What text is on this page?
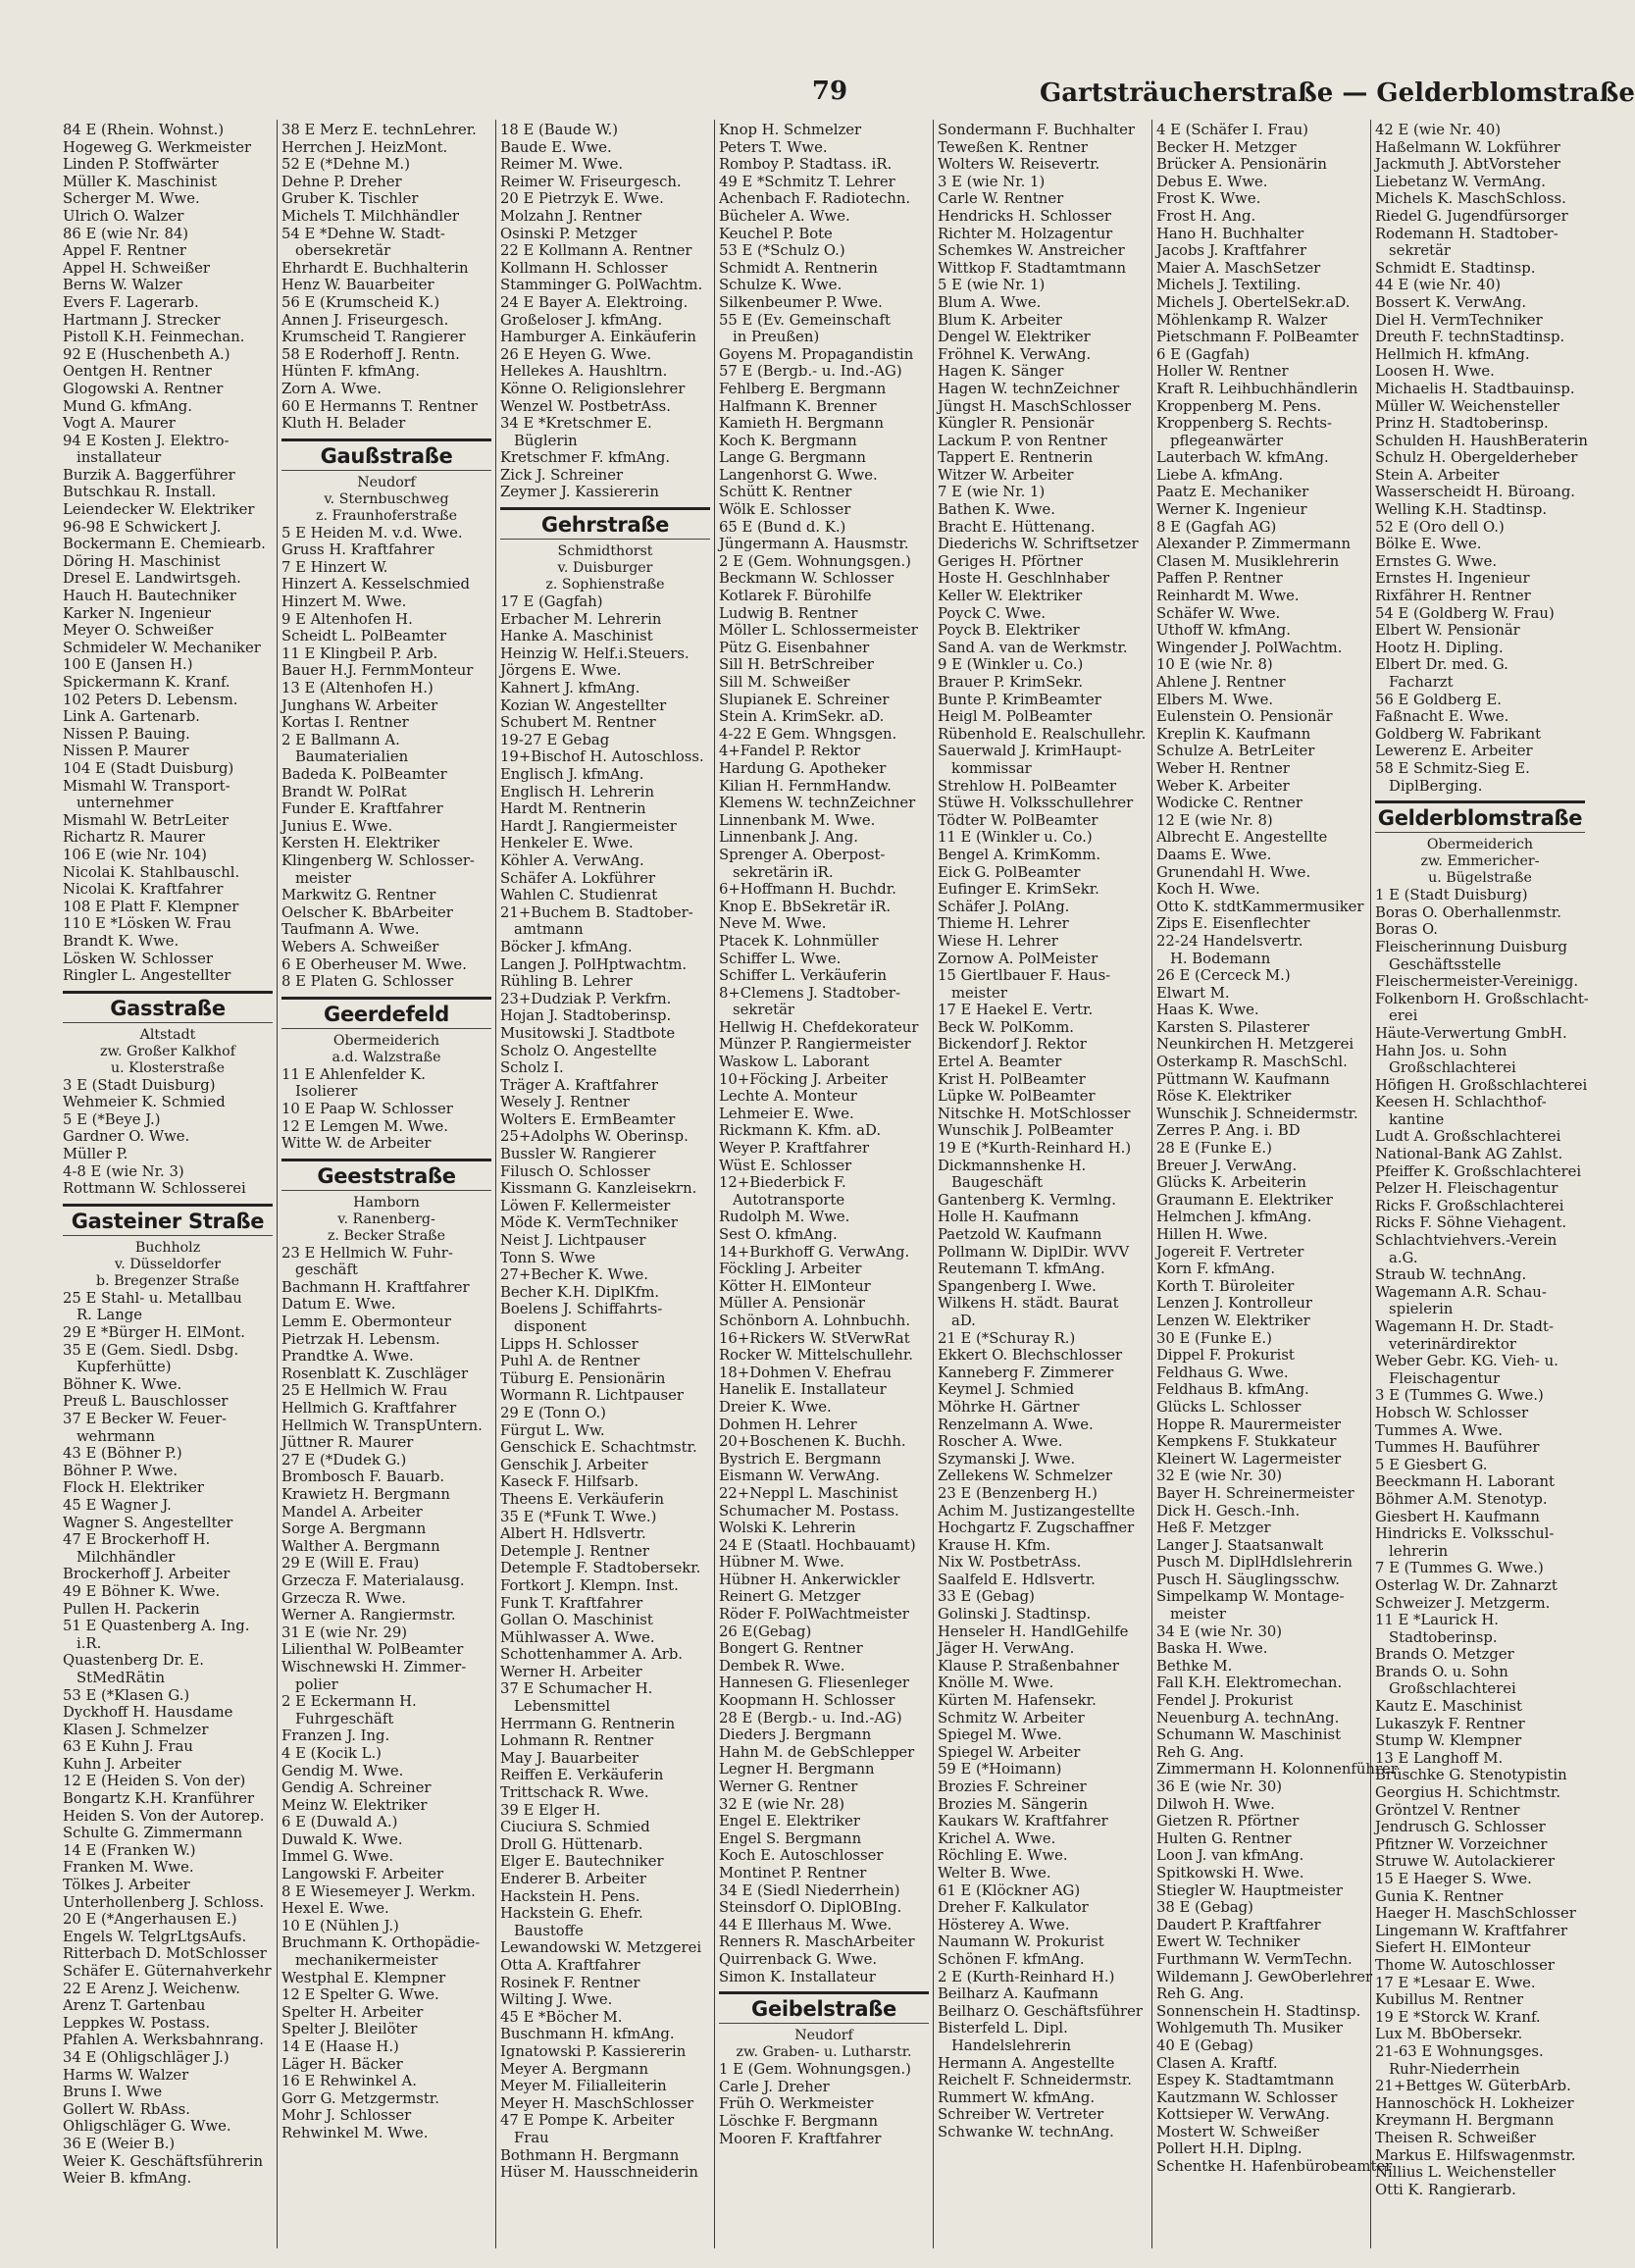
79	Gartsträucherstraße — Gelderblomstraße
84 E (Rhein. Wohnst.)
Hogeweg G. Werkmeister
Linden P. Stoffwärter
Müller K. Maschinist
Scherger M. Wwe.
Ulrich O. Walzer
86 E (wie Nr. 84)
Appel F. Rentner
Appel H. Schweißer
Berns W. Walzer
Evers F. Lagerarb.
Hartmann J. Strecker
Pistoll K.H. Feinmechan.
92 E (Huschenbeth A.)
Oentgen H. Rentner
Glogowski A. Rentner
Mund G. kfmAng.
Vogt A. Maurer
94 E Kosten J. Elektro-
installateur
Burzik A. Baggerführer
Butschkau R. Install.
Leiendecker W. Elektriker
96-98 E Schwickert J.
Bockermann E. Chemiearb.
Döring H. Maschinist
Dresel E. Landwirtsgeh.
Hauch H. Bautechniker
Karker N. Ingenieur
Meyer O. Schweißer
Schmideler W. Mechaniker
100 E (Jansen H.)
Spickermann K. Kranf.
102 Peters D. Lebensm.
Link A. Gartenarb.
Nissen P. Bauing.
Nissen P. Maurer
104 E (Stadt Duisburg)
Mismahl W. Transport-
unternehmer
Mismahl W. BetrLeiter
Richartz R. Maurer
106 E (wie Nr. 104)
Nicolai K. Stahlbauschl.
Nicolai K. Kraftfahrer
108 E Platt F. Klempner
110 E *Lösken W. Frau
Brandt K. Wwe.
Lösken W. Schlosser
Ringler L. Angestellter
Gasstraße
Altstadt
zw. Großer Kalkhof
u. Klosterstraße
3 E (Stadt Duisburg)
Wehmeier K. Schmied
5 E (*Beye J.)
Gardner O. Wwe.
Müller P.
4-8 E (wie Nr. 3)
Rottmann W. Schlosserei
Gasteiner Straße
Buchholz
v. Düsseldorfer
b. Bregenzer Straße
25 E Stahl- u. Metallbau
R. Lange
29 E *Bürger H. ElMont.
35 E (Gem. Siedl. Dsbg.
Kupferhütte)
Böhner K. Wwe.
Preuß L. Bauschlosser
37 E Becker W. Feuer-
wehrmann
43 E (Böhner P.)
Böhner P. Wwe.
Flock H. Elektriker
45 E Wagner J.
Wagner S. Angestellter
47 E Brockerhoff H.
Milchhändler
Brockerhoff J. Arbeiter
49 E Böhner K. Wwe.
Pullen H. Packerin
51 E Quastenberg A. Ing.
i.R.
Quastenberg Dr. E.
StMedRätin
53 E (*Klasen G.)
Dyckhoff H. Hausdame
Klasen J. Schmelzer
63 E Kuhn J. Frau
Kuhn J. Arbeiter
12 E (Heiden S. Von der)
Bongartz K.H. Kranführer
Heiden S. Von der Autorep.
Schulte G. Zimmermann
14 E (Franken W.)
Franken M. Wwe.
Tölkes J. Arbeiter
Unterhollenberg J. Schloss.
20 E (*Angerhausen E.)
Engels W. TelgrLtgsAufs.
Ritterbach D. MotSchlosser
Schäfer E. Güternahverkehr
22 E Arenz J. Weichenw.
Arenz T. Gartenbau
Leppkes W. Postass.
Pfahlen A. Werksbahnrang.
34 E (Ohligschläger J.)
Harms W. Walzer
Bruns I. Wwe
Gollert W. RbAss.
Ohligschläger G. Wwe.
36 E (Weier B.)
Weier K. Geschäftsführerin
Weier B. kfmAng.
38 E Merz E. technLehrer.
Herrchen J. HeizMont.
52 E (*Dehne M.)
Dehne P. Dreher
Gruber K. Tischler
Michels T. Milchhändler
54 E *Dehne W. Stadt-
obersekretär
Ehrhardt E. Buchhalterin
Henz W. Bauarbeiter
56 E (Krumscheid K.)
Annen J. Friseurgesch.
Krumscheid T. Rangierer
58 E Roderhoff J. Rentn.
Hünten F. kfmAng.
Zorn A. Wwe.
60 E Hermanns T. Rentner
Kluth H. Belader
Gaußstraße
Neudorf
v. Sternbuschweg
z. Fraunhoferstraße
5 E Heiden M. v.d. Wwe.
Gruss H. Kraftfahrer
7 E Hinzert W.
Hinzert A. Kesselschmied
Hinzert M. Wwe.
9 E Altenhofen H.
Scheidt L. PolBeamter
11 E Klingbeil P. Arb.
Bauer H.J. FernmMonteur
13 E (Altenhofen H.)
Junghans W. Arbeiter
Kortas I. Rentner
2 E Ballmann A.
Baumaterialien
Badeda K. PolBeamter
Brandt W. PolRat
Funder E. Kraftfahrer
Junius E. Wwe.
Kersten H. Elektriker
Klingenberg W. Schlosser-
meister
Markwitz G. Rentner
Oelscher K. BbArbeiter
Taufmann A. Wwe.
Webers A. Schweißer
6 E Oberheuser M. Wwe.
8 E Platen G. Schlosser
Geerdefeld
Obermeiderich
a.d. Walzstraße
11 E Ahlenfelder K.
Isolierer
10 E Paap W. Schlosser
12 E Lemgen M. Wwe.
Witte W. de Arbeiter
Geeststraße
Hamborn
v. Ranenberg-
z. Becker Straße
23 E Hellmich W. Fuhr-
geschäft
Bachmann H. Kraftfahrer
Datum E. Wwe.
Lemm E. Obermonteur
Pietrzak H. Lebensm.
Prandtke A. Wwe.
Rosenblatt K. Zuschläger
25 E Hellmich W. Frau
Hellmich G. Kraftfahrer
Hellmich W. TranspUntern.
Jüttner R. Maurer
27 E (*Dudek G.)
Brombosch F. Bauarb.
Krawietz H. Bergmann
Mandel A. Arbeiter
Sorge A. Bergmann
Walther A. Bergmann
29 E (Will E. Frau)
Grzecza F. Materialausg.
Grzecza R. Wwe.
Werner A. Rangiermstr.
31 E (wie Nr. 29)
Lilienthal W. PolBeamter
Wischnewski H. Zimmer-
polier
2 E Eckermann H.
Fuhrgeschäft
Franzen J. Ing.
4 E (Kocik L.)
Gendig M. Wwe.
Gendig A. Schreiner
Meinz W. Elektriker
6 E (Duwald A.)
Duwald K. Wwe.
Immel G. Wwe.
Langowski F. Arbeiter
8 E Wiesemeyer J. Werkm.
Hexel E. Wwe.
10 E (Nühlen J.)
Bruchmann K. Orthopädie-
mechanikermeister
Westphal E. Klempner
12 E Spelter G. Wwe.
Spelter H. Arbeiter
Spelter J. Bleilöter
14 E (Haase H.)
Läger H. Bäcker
16 E Rehwinkel A.
Gorr G. Metzgermstr.
Mohr J. Schlosser
Rehwinkel M. Wwe.
18 E (Baude W.)
Baude E. Wwe.
Reimer M. Wwe.
Reimer W. Friseurgesch.
20 E Pietrzyk E. Wwe.
Molzahn J. Rentner
Osinski P. Metzger
22 E Kollmann A. Rentner
Kollmann H. Schlosser
Stamminger G. PolWachtm.
24 E Bayer A. Elektroing.
Großeloser J. kfmAng.
Hamburger A. Einkäuferin
26 E Heyen G. Wwe.
Hellekes A. Haushltrn.
Könne O. Religionslehrer
Wenzel W. PostbetrAss.
34 E *Kretschmer E.
Büglerin
Kretschmer F. kfmAng.
Zick J. Schreiner
Zeymer J. Kassiererin
Gehrstraße
Schmidthorst
v. Duisburger
z. Sophienstraße
17 E (Gagfah)
Erbacher M. Lehrerin
Hanke A. Maschinist
Heinzig W. Helf.i.Steuers.
Jörgens E. Wwe.
Kahnert J. kfmAng.
Kozian W. Angestellter
Schubert M. Rentner
19-27 E Gebag
19+Bischof H. Autoschloss.
Englisch J. kfmAng.
Englisch H. Lehrerin
Hardt M. Rentnerin
Hardt J. Rangiermeister
Henkeler E. Wwe.
Köhler A. VerwAng.
Schäfer A. Lokführer
Wahlen C. Studienrat
21+Buchem B. Stadtober-
amtmann
Böcker J. kfmAng.
Langen J. PolHptwachtm.
Rühling B. Lehrer
23+Dudziak P. Verkfrn.
Hojan J. Stadtoberinsp.
Musitowski J. Stadtbote
Scholz O. Angestellte
Scholz I.
Träger A. Kraftfahrer
Wesely J. Rentner
Wolters E. ErmBeamter
25+Adolphs W. Oberinsp.
Bussler W. Rangierer
Filusch O. Schlosser
Kissmann G. Kanzleisekrn.
Löwen F. Kellermeister
Möde K. VermTechniker
Neist J. Lichtpauser
Tonn S. Wwe
27+Becher K. Wwe.
Becher K.H. DiplKfm.
Boelens J. Schiffahrts-
disponent
Lipps H. Schlosser
Puhl A. de Rentner
Tüburg E. Pensionärin
Wormann R. Lichtpauser
29 E (Tonn O.)
Fürgut L. Ww.
Genschick E. Schachtmstr.
Genschik J. Arbeiter
Kaseck F. Hilfsarb.
Theens E. Verkäuferin
35 E (*Funk T. Wwe.)
Albert H. Hdlsvertr.
Detemple J. Rentner
Detemple F. Stadtobersekr.
Fortkort J. Klempn. Inst.
Funk T. Kraftfahrer
Gollan O. Maschinist
Mühlwasser A. Wwe.
Schottenhammer A. Arb.
Werner H. Arbeiter
37 E Schumacher H.
Lebensmittel
Herrmann G. Rentnerin
Lohmann R. Rentner
May J. Bauarbeiter
Reiffen E. Verkäuferin
Trittschack R. Wwe.
39 E Elger H.
Ciuciura S. Schmied
Droll G. Hüttenarb.
Elger E. Bautechniker
Enderer B. Arbeiter
Hackstein H. Pens.
Hackstein G. Ehefr.
Baustoffe
Lewandowski W. Metzgerei
Otta A. Kraftfahrer
Rosinek F. Rentner
Wilting J. Wwe.
45 E *Böcher M.
Buschmann H. kfmAng.
Ignatowski P. Kassiererin
Meyer A. Bergmann
Meyer M. Filialleiterin
Meyer H. MaschSchlosser
47 E Pompe K. Arbeiter
Frau
Bothmann H. Bergmann
Hüser M. Hausschneiderin
Knop H. Schmelzer
Peters T. Wwe.
Romboy P. Stadtass. iR.
49 E *Schmitz T. Lehrer
Achenbach F. Radiotechn.
Bücheler A. Wwe.
Keuchel P. Bote
53 E (*Schulz O.)
Schmidt A. Rentnerin
Schulze K. Wwe.
Silkenbeumer P. Wwe.
55 E (Ev. Gemeinschaft
in Preußen)
Goyens M. Propagandistin
57 E (Bergb.- u. Ind.-AG)
Fehlberg E. Bergmann
Halfmann K. Brenner
Kamieth H. Bergmann
Koch K. Bergmann
Lange G. Bergmann
Langenhorst G. Wwe.
Schütt K. Rentner
Wölk E. Schlosser
65 E (Bund d. K.)
Jüngermann A. Hausmstr.
2 E (Gem. Wohnungsgen.)
Beckmann W. Schlosser
Kotlarek F. Bürohilfe
Ludwig B. Rentner
Möller L. Schlossermeister
Pütz G. Eisenbahner
Sill H. BetrSchreiber
Sill M. Schweißer
Slupianek E. Schreiner
Stein A. KrimSekr. aD.
4-22 E Gem. Whngsgen.
4+Fandel P. Rektor
Hardung G. Apotheker
Kilian H. FernmHandw.
Klemens W. technZeichner
Linnenbank M. Wwe.
Linnenbank J. Ang.
Sprenger A. Oberpost-
sekretärin iR.
6+Hoffmann H. Buchdr.
Knop E. BbSekretär iR.
Neve M. Wwe.
Ptacek K. Lohnmüller
Schiffer L. Wwe.
Schiffer L. Verkäuferin
8+Clemens J. Stadtober-
sekretär
Hellwig H. Chefdekorateur
Münzer P. Rangiermeister
Waskow L. Laborant
10+Föcking J. Arbeiter
Lechte A. Monteur
Lehmeier E. Wwe.
Rickmann K. Kfm. aD.
Weyer P. Kraftfahrer
Wüst E. Schlosser
12+Biederbick F.
Autotransporte
Rudolph M. Wwe.
Sest O. kfmAng.
14+Burkhoff G. VerwAng.
Föckling J. Arbeiter
Kötter H. ElMonteur
Müller A. Pensionär
Schönborn A. Lohnbuchh.
16+Rickers W. StVerwRat
Rocker W. Mittelschullehr.
18+Dohmen V. Ehefrau
Hanelik E. Installateur
Dreier K. Wwe.
Dohmen H. Lehrer
20+Boschenen K. Buchh.
Bystrich E. Bergmann
Eismann W. VerwAng.
22+Neppl L. Maschinist
Schumacher M. Postass.
Wolski K. Lehrerin
24 E (Staatl. Hochbauamt)
Hübner M. Wwe.
Hübner H. Ankerwickler
Reinert G. Metzger
Röder F. PolWachtmeister
26 E(Gebag)
Bongert G. Rentner
Dembek R. Wwe.
Hannesen G. Fliesenleger
Koopmann H. Schlosser
28 E (Bergb.- u. Ind.-AG)
Dieders J. Bergmann
Hahn M. de GebSchlepper
Legner H. Bergmann
Werner G. Rentner
32 E (wie Nr. 28)
Engel E. Elektriker
Engel S. Bergmann
Koch E. Autoschlosser
Montinet P. Rentner
34 E (Siedl Niederrhein)
Steinsdorf O. DiplOBIng.
44 E Illerhaus M. Wwe.
Renners R. MaschArbeiter
Quirrenback G. Wwe.
Simon K. Installateur
Geibelstraße
Neudorf
zw. Graben- u. Lutharstr.
1 E (Gem. Wohnungsgen.)
Carle J. Dreher
Früh O. Werkmeister
Löschke F. Bergmann
Mooren F. Kraftfahrer
Sondermann F. Buchhalter
Teweßen K. Rentner
Wolters W. Reisevertr.
3 E (wie Nr. 1)
Carle W. Rentner
Hendricks H. Schlosser
Richter M. Holzagentur
Schemkes W. Anstreicher
Wittkop F. Stadtamtmann
5 E (wie Nr. 1)
Blum A. Wwe.
Blum K. Arbeiter
Dengel W. Elektriker
Fröhnel K. VerwAng.
Hagen K. Sänger
Hagen W. technZeichner
Jüngst H. MaschSchlosser
Küngler R. Pensionär
Lackum P. von Rentner
Tappert E. Rentnerin
Witzer W. Arbeiter
7 E (wie Nr. 1)
Bathen K. Wwe.
Bracht E. Hüttenang.
Diederichs W. Schriftsetzer
Geriges H. Pförtner
Hoste H. Geschlnhaber
Keller W. Elektriker
Poyck C. Wwe.
Poyck B. Elektriker
Sand A. van de Werkmstr.
9 E (Winkler u. Co.)
Brauer P. KrimSekr.
Bunte P. KrimBeamter
Heigl M. PolBeamter
Rübenhold E. Realschullehr.
Sauerwald J. KrimHaupt-
kommissar
Strehlow H. PolBeamter
Stüwe H. Volksschullehrer
Tödter W. PolBeamter
11 E (Winkler u. Co.)
Bengel A. KrimKomm.
Eick G. PolBeamter
Eufinger E. KrimSekr.
Schäfer J. PolAng.
Thieme H. Lehrer
Wiese H. Lehrer
Zornow A. PolMeister
15 Giertlbauer F. Haus-
meister
17 E Haekel E. Vertr.
Beck W. PolKomm.
Bickendorf J. Rektor
Ertel A. Beamter
Krist H. PolBeamter
Lüpke W. PolBeamter
Nitschke H. MotSchlosser
Wunschik J. PolBeamter
19 E (*Kurth-Reinhard H.)
Dickmannshenke H.
Baugeschäft
Gantenberg K. Vermlng.
Holle H. Kaufmann
Paetzold W. Kaufmann
Pollmann W. DiplDir. WVV
Reutemann T. kfmAng.
Spangenberg I. Wwe.
Wilkens H. städt. Baurat
aD.
21 E (*Schuray R.)
Ekkert O. Blechschlosser
Kanneberg F. Zimmerer
Keymel J. Schmied
Möhrke H. Gärtner
Renzelmann A. Wwe.
Roscher A. Wwe.
Szymanski J. Wwe.
Zellekens W. Schmelzer
23 E (Benzenberg H.)
Achim M. Justizangestellte
Hochgartz F. Zugschaffner
Krause H. Kfm.
Nix W. PostbetrAss.
Saalfeld E. Hdlsvertr.
33 E (Gebag)
Golinski J. Stadtinsp.
Henseler H. HandlGehilfe
Jäger H. VerwAng.
Klause P. Straßenbahner
Knölle M. Wwe.
Kürten M. Hafensekr.
Schmitz W. Arbeiter
Spiegel M. Wwe.
Spiegel W. Arbeiter
59 E (*Hoimann)
Brozies F. Schreiner
Brozies M. Sängerin
Kaukars W. Kraftfahrer
Krichel A. Wwe.
Röchling E. Wwe.
Welter B. Wwe.
61 E (Klöckner AG)
Dreher F. Kalkulator
Hösterey A. Wwe.
Naumann W. Prokurist
Schönen F. kfmAng.
2 E (Kurth-Reinhard H.)
Beilharz A. Kaufmann
Beilharz O. Geschäftsführer
Bisterfeld L. Dipl.
Handelslehrerin
Hermann A. Angestellte
Reichelt F. Schneidermstr.
Rummert W. kfmAng.
Schreiber W. Vertreter
Schwanke W. technAng.
4 E (Schäfer I. Frau)
Becker H. Metzger
Brücker A. Pensionärin
Debus E. Wwe.
Frost K. Wwe.
Frost H. Ang.
Hano H. Buchhalter
Jacobs J. Kraftfahrer
Maier A. MaschSetzer
Michels J. Textiling.
Michels J. ObertelSekr.aD.
Möhlenkamp R. Walzer
Pietschmann F. PolBeamter
6 E (Gagfah)
Holler W. Rentner
Kraft R. Leihbuchhändlerin
Kroppenberg M. Pens.
Kroppenberg S. Rechts-
pflegeanwärter
Lauterbach W. kfmAng.
Liebe A. kfmAng.
Paatz E. Mechaniker
Werner K. Ingenieur
8 E (Gagfah AG)
Alexander P. Zimmermann
Clasen M. Musiklehrerin
Paffen P. Rentner
Reinhardt M. Wwe.
Schäfer W. Wwe.
Uthoff W. kfmAng.
Wingender J. PolWachtm.
10 E (wie Nr. 8)
Ahlene J. Rentner
Elbers M. Wwe.
Eulenstein O. Pensionär
Kreplin K. Kaufmann
Schulze A. BetrLeiter
Weber H. Rentner
Weber K. Arbeiter
Wodicke C. Rentner
12 E (wie Nr. 8)
Albrecht E. Angestellte
Daams E. Wwe.
Grunendahl H. Wwe.
Koch H. Wwe.
Otto K. stdtKammermusiker
Zips E. Eisenflechter
22-24 Handelsvertr.
H. Bodemann
26 E (Cerceck M.)
Elwart M.
Haas K. Wwe.
Karsten S. Pilasterer
Neunkirchen H. Metzgerei
Osterkamp R. MaschSchl.
Püttmann W. Kaufmann
Röse K. Elektriker
Wunschik J. Schneidermstr.
Zerres P. Ang. i. BD
28 E (Funke E.)
Breuer J. VerwAng.
Glücks K. Arbeiterin
Graumann E. Elektriker
Helmchen J. kfmAng.
Hillen H. Wwe.
Jogereit F. Vertreter
Korn F. kfmAng.
Korth T. Büroleiter
Lenzen J. Kontrolleur
Lenzen W. Elektriker
30 E (Funke E.)
Dippel F. Prokurist
Feldhaus G. Wwe.
Feldhaus B. kfmAng.
Glücks L. Schlosser
Hoppe R. Maurermeister
Kempkens F. Stukkateur
Kleinert W. Lagermeister
32 E (wie Nr. 30)
Bayer H. Schreinermeister
Dick H. Gesch.-Inh.
Heß F. Metzger
Langer J. Staatsanwalt
Pusch M. DiplHdlslehrerin
Pusch H. Säuglingsschw.
Simpelkamp W. Montage-
meister
34 E (wie Nr. 30)
Baska H. Wwe.
Bethke M.
Fall K.H. Elektromechan.
Fendel J. Prokurist
Neuenburg A. technAng.
Schumann W. Maschinist
Reh G. Ang.
Zimmermann H. Kolonnenführer
36 E (wie Nr. 30)
Dilwoh H. Wwe.
Gietzen R. Pförtner
Hulten G. Rentner
Loon J. van kfmAng.
Spitkowski H. Wwe.
Stiegler W. Hauptmeister
38 E (Gebag)
Daudert P. Kraftfahrer
Ewert W. Techniker
Furthmann W. VermTechn.
Wildemann J. GewOberlehrer
Reh G. Ang.
Sonnenschein H. Stadtinsp.
Wohlgemuth Th. Musiker
40 E (Gebag)
Clasen A. Kraftf.
Espey K. Stadtamtmann
Kautzmann W. Schlosser
Kottsieper W. VerwAng.
Mostert W. Schweißer
Pollert H.H. Diplng.
Schentke H. Hafenbürobeamter
42 E (wie Nr. 40)
Haßelmann W. Lokführer
Jackmuth J. AbtVorsteher
Liebetanz W. VermAng.
Michels K. MaschSchloss.
Riedel G. Jugendfürsorger
Rodemann H. Stadtober-
sekretär
Schmidt E. Stadtinsp.
44 E (wie Nr. 40)
Bossert K. VerwAng.
Diel H. VermTechniker
Dreuth F. technStadtinsp.
Hellmich H. kfmAng.
Loosen H. Wwe.
Michaelis H. Stadtbauinsp.
Müller W. Weichensteller
Prinz H. Stadtoberinsp.
Schulden H. HaushBeraterin
Schulz H. Obergelderheber
Stein A. Arbeiter
Wasserscheidt H. Büroang.
Welling K.H. Stadtinsp.
52 E (Oro dell O.)
Bölke E. Wwe.
Ernstes G. Wwe.
Ernstes H. Ingenieur
Rixfährer H. Rentner
54 E (Goldberg W. Frau)
Elbert W. Pensionär
Hootz H. Dipling.
Elbert Dr. med. G.
Facharzt
56 E Goldberg E.
Faßnacht E. Wwe.
Goldberg W. Fabrikant
Lewerenz E. Arbeiter
58 E Schmitz-Sieg E.
DiplBerging.
Gelderblomstraße
Obermeiderich
zw. Emmericher-
u. Bügelstraße
1 E (Stadt Duisburg)
Boras O. Oberhallenmstr.
Boras O.
Fleischerinnung Duisburg
Geschäftsstelle
Fleischermeister-Vereinigg.
Folkenborn H. Großschlacht-
erei
Häute-Verwertung GmbH.
Hahn Jos. u. Sohn
Großschlachterei
Höfigen H. Großschlachterei
Keesen H. Schlachthof-
kantine
Ludt A. Großschlachterei
National-Bank AG Zahlst.
Pfeiffer K. Großschlachterei
Pelzer H. Fleischagentur
Ricks F. Großschlachterei
Ricks F. Söhne Viehagent.
Schlachtviehvers.-Verein
a.G.
Straub W. technAng.
Wagemann A.R. Schau-
spielerin
Wagemann H. Dr. Stadt-
veterinärdirektor
Weber Gebr. KG. Vieh- u.
Fleischagentur
3 E (Tummes G. Wwe.)
Hobsch W. Schlosser
Tummes A. Wwe.
Tummes H. Bauführer
5 E Giesbert G.
Beeckmann H. Laborant
Böhmer A.M. Stenotyp.
Giesbert H. Kaufmann
Hindricks E. Volksschul-
lehrerin
7 E (Tummes G. Wwe.)
Osterlag W. Dr. Zahnarzt
Schweizer J. Metzgerm.
11 E *Laurick H.
Stadtoberinsp.
Brands O. Metzger
Brands O. u. Sohn
Großschlachterei
Kautz E. Maschinist
Lukaszyk F. Rentner
Stump W. Klempner
13 E Langhoff M.
Brüschke G. Stenotypistin
Georgius H. Schichtmstr.
Gröntzel V. Rentner
Jendrusch G. Schlosser
Pfitzner W. Vorzeichner
Struwe W. Autolackierer
15 E Haeger S. Wwe.
Gunia K. Rentner
Haeger H. MaschSchlosser
Lingemann W. Kraftfahrer
Siefert H. ElMonteur
Thome W. Autoschlosser
17 E *Lesaar E. Wwe.
Kubillus M. Rentner
19 E *Storck W. Kranf.
Lux M. BbObersekr.
21-63 E Wohnungsges.
Ruhr-Niederrhein
21+Bettges W. GüterbArb.
Hannoschöck H. Lokheizer
Kreymann H. Bergmann
Theisen R. Schweißer
Markus E. Hilfswagenmstr.
Nillius L. Weichensteller
Otti K. Rangierarb.
